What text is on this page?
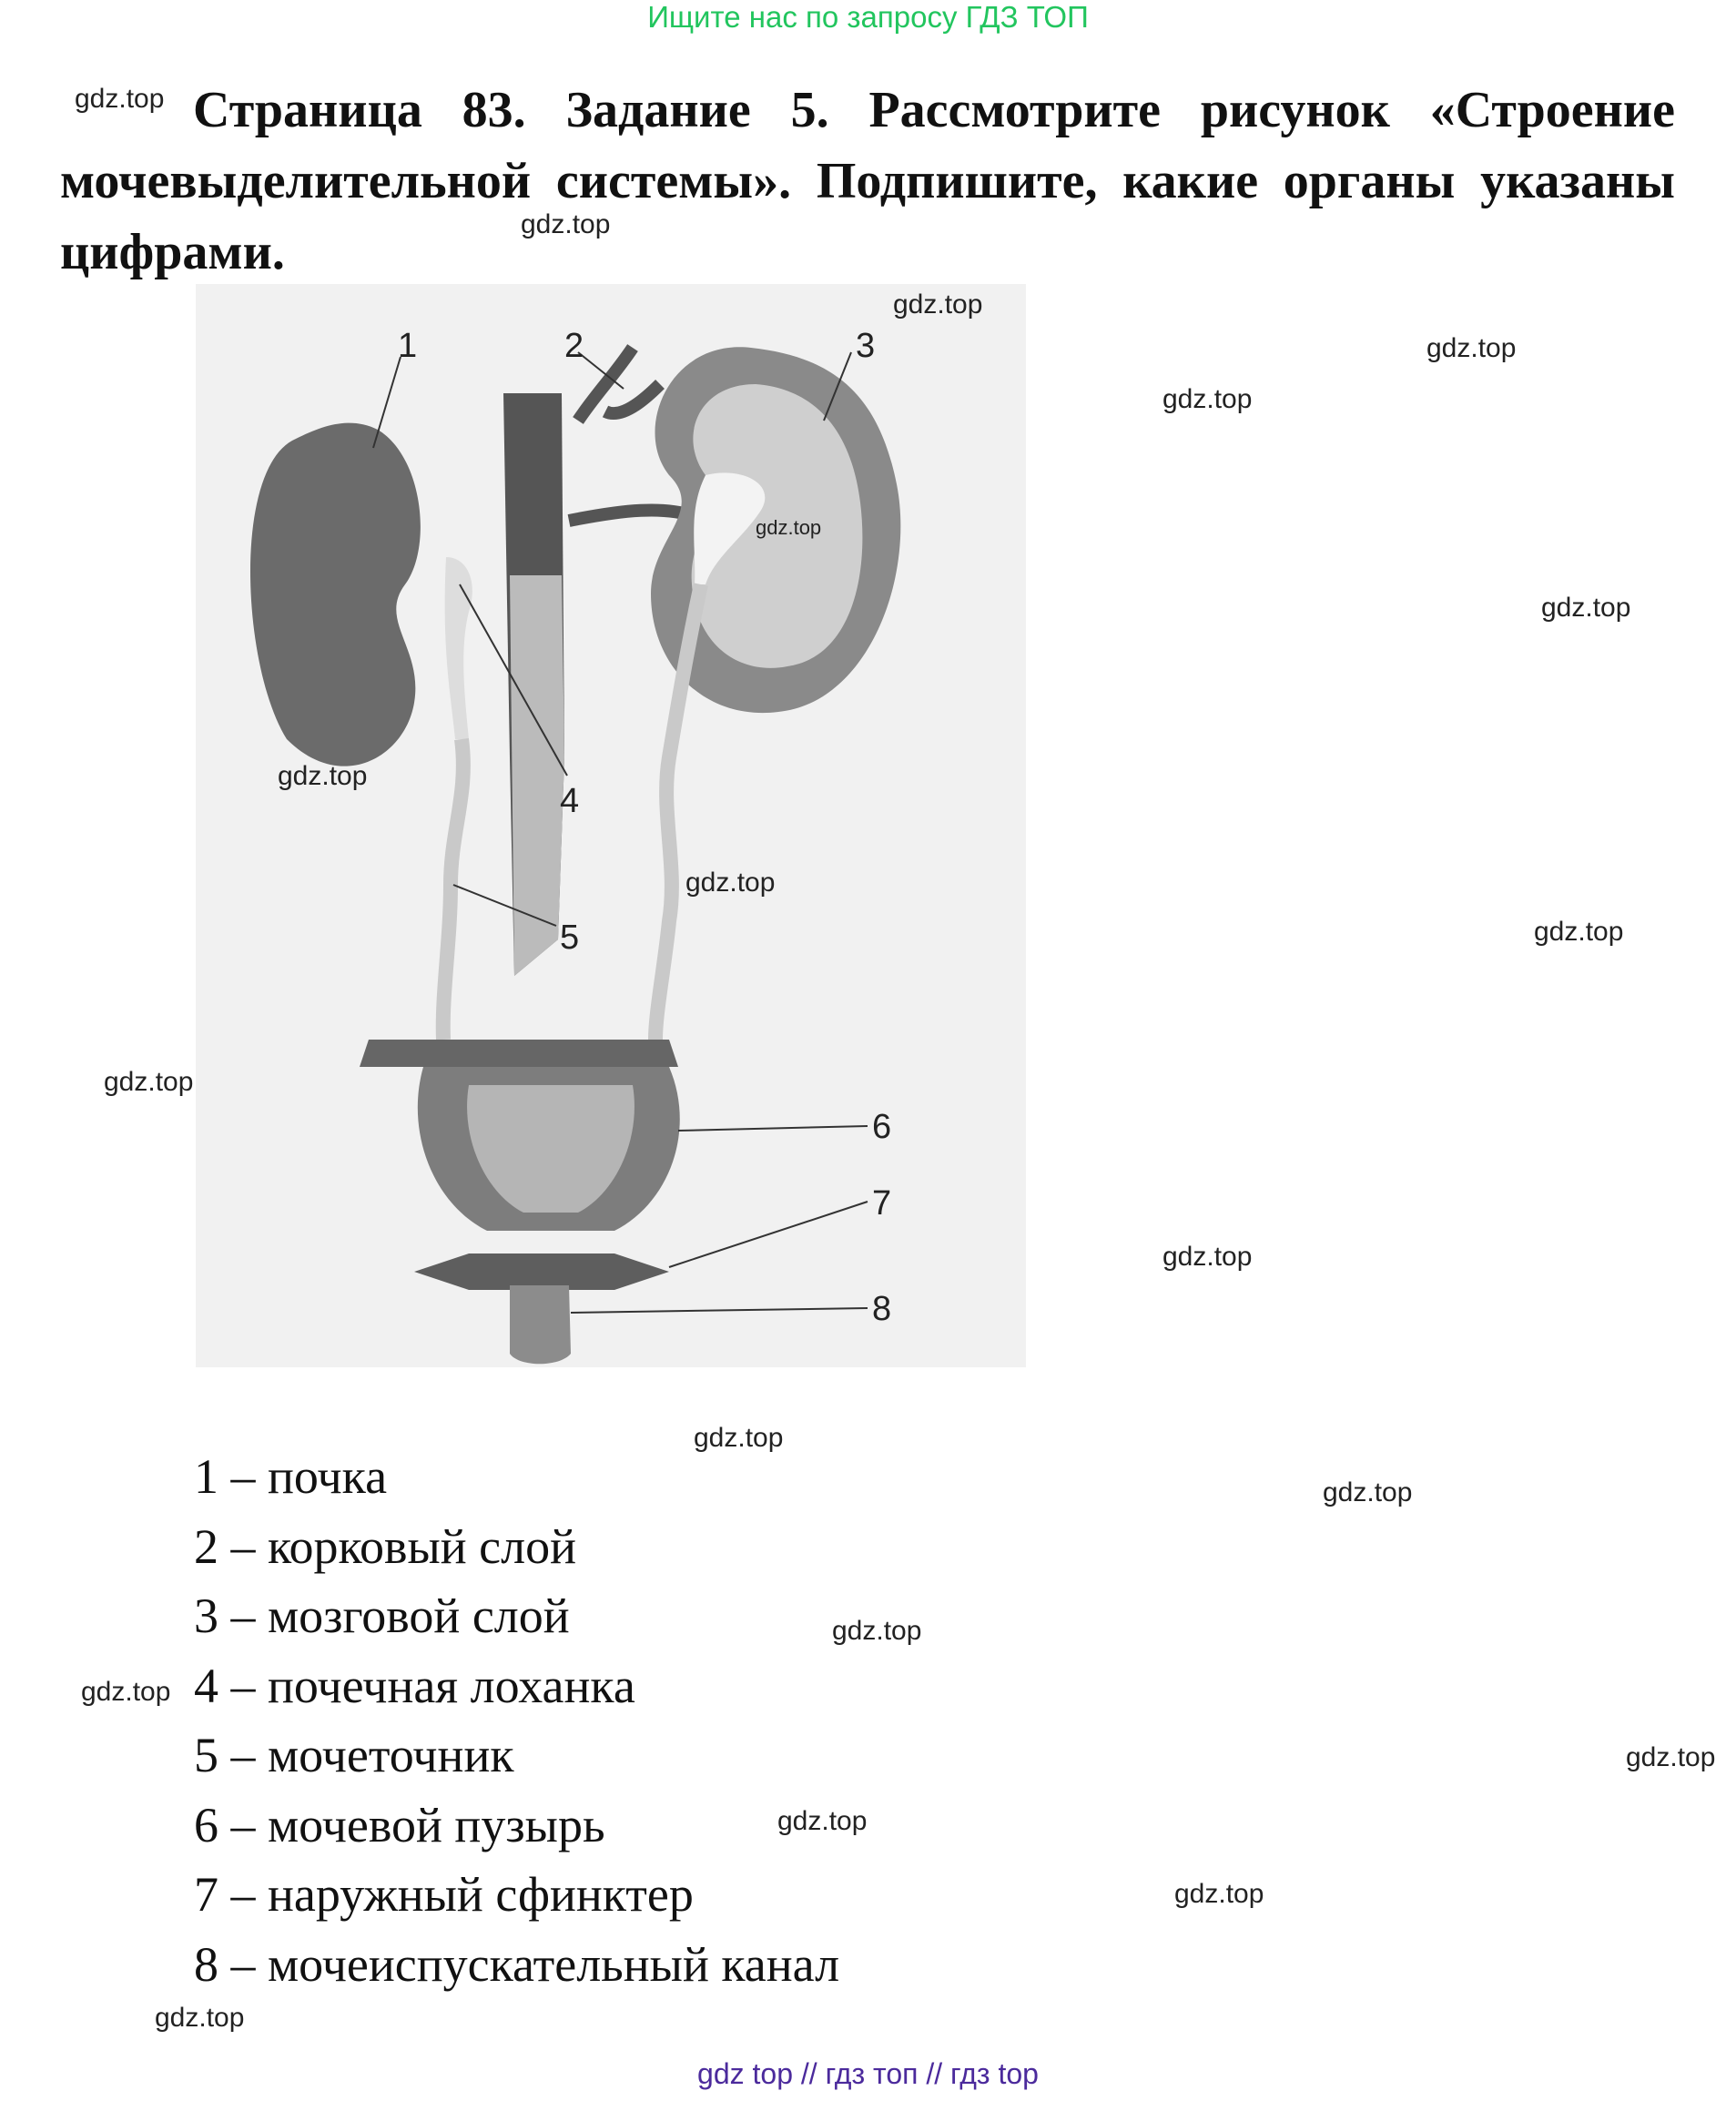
Ищите нас по запросу ГДЗ ТОП
Страница 83. Задание 5. Рассмотрите рисунок «Строение мочевыделительной системы». Подпишите, какие органы указаны цифрами.
1	2	3
4
5
6
7
8
1 – почка
2 – корковый слой
3 – мозговой слой
4 – почечная лоханка
5 – мочеточник
6 – мочевой пузырь
7 – наружный сфинктер
8 – мочеиспускательный канал
gdz.top
gdz.top
gdz.top
gdz.top
gdz.top
gdz.top
gdz.top
gdz.top
gdz.top
gdz.top
gdz.top
gdz.top
gdz.top
gdz.top
gdz.top
gdz.top
gdz.top
gdz.top
gdz.top
gdz.top
gdz top // гдз топ // гдз top
